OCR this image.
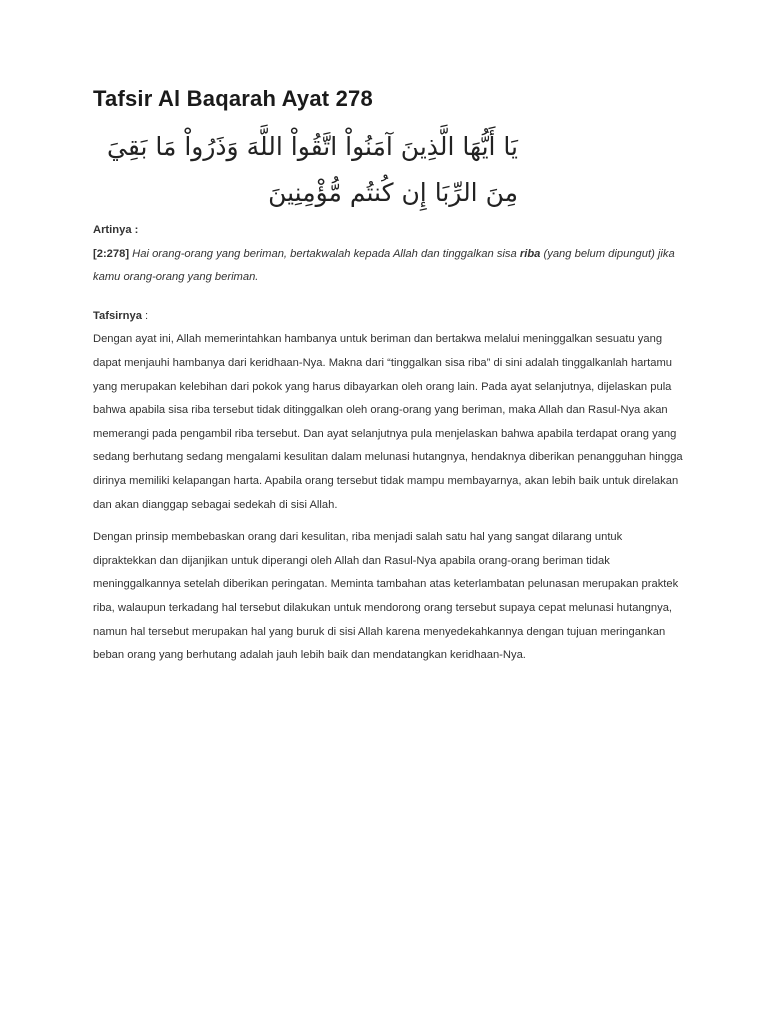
Tafsir Al Baqarah Ayat 278
يَا أَيُّهَا الَّذِينَ آمَنُواْ اتَّقُواْ اللَّهَ وَذَرُواْ مَا بَقِيَ مِنَ الرِّبَا إِن كُنتُم مُّؤْمِنِينَ

Artinya :

[2:278] Hai orang-orang yang beriman, bertakwalah kepada Allah dan tinggalkan sisa riba (yang belum dipungut) jika kamu orang-orang yang beriman.

Tafsirnya :

Dengan ayat ini, Allah memerintahkan hambanya untuk beriman dan bertakwa melalui meninggalkan sesuatu yang dapat menjauhi hambanya dari keridhaan-Nya. Makna dari “tinggalkan sisa riba” di sini adalah tinggalkanlah hartamu yang merupakan kelebihan dari pokok yang harus dibayarkan oleh orang lain. Pada ayat selanjutnya, dijelaskan pula bahwa apabila sisa riba tersebut tidak ditinggalkan oleh orang-orang yang beriman, maka Allah dan Rasul-Nya akan memerangi pada pengambil riba tersebut. Dan ayat selanjutnya pula menjelaskan bahwa apabila terdapat orang yang sedang berhutang sedang mengalami kesulitan dalam melunasi hutangnya, hendaknya diberikan penangguhan hingga dirinya memiliki kelapangan harta. Apabila orang tersebut tidak mampu membayarnya, akan lebih baik untuk direlakan dan akan dianggap sebagai sedekah di sisi Allah.

Dengan prinsip membebaskan orang dari kesulitan, riba menjadi salah satu hal yang sangat dilarang untuk dipraktekkan dan dijanjikan untuk diperangi oleh Allah dan Rasul-Nya apabila orang-orang beriman tidak meninggalkannya setelah diberikan peringatan. Meminta tambahan atas keterlambatan pelunasan merupakan praktek riba, walaupun terkadang hal tersebut dilakukan untuk mendorong orang tersebut supaya cepat melunasi hutangnya, namun hal tersebut merupakan hal yang buruk di sisi Allah karena menyedekahkannya dengan tujuan meringankan beban orang yang berhutang adalah jauh lebih baik dan mendatangkan keridhaan-Nya.
